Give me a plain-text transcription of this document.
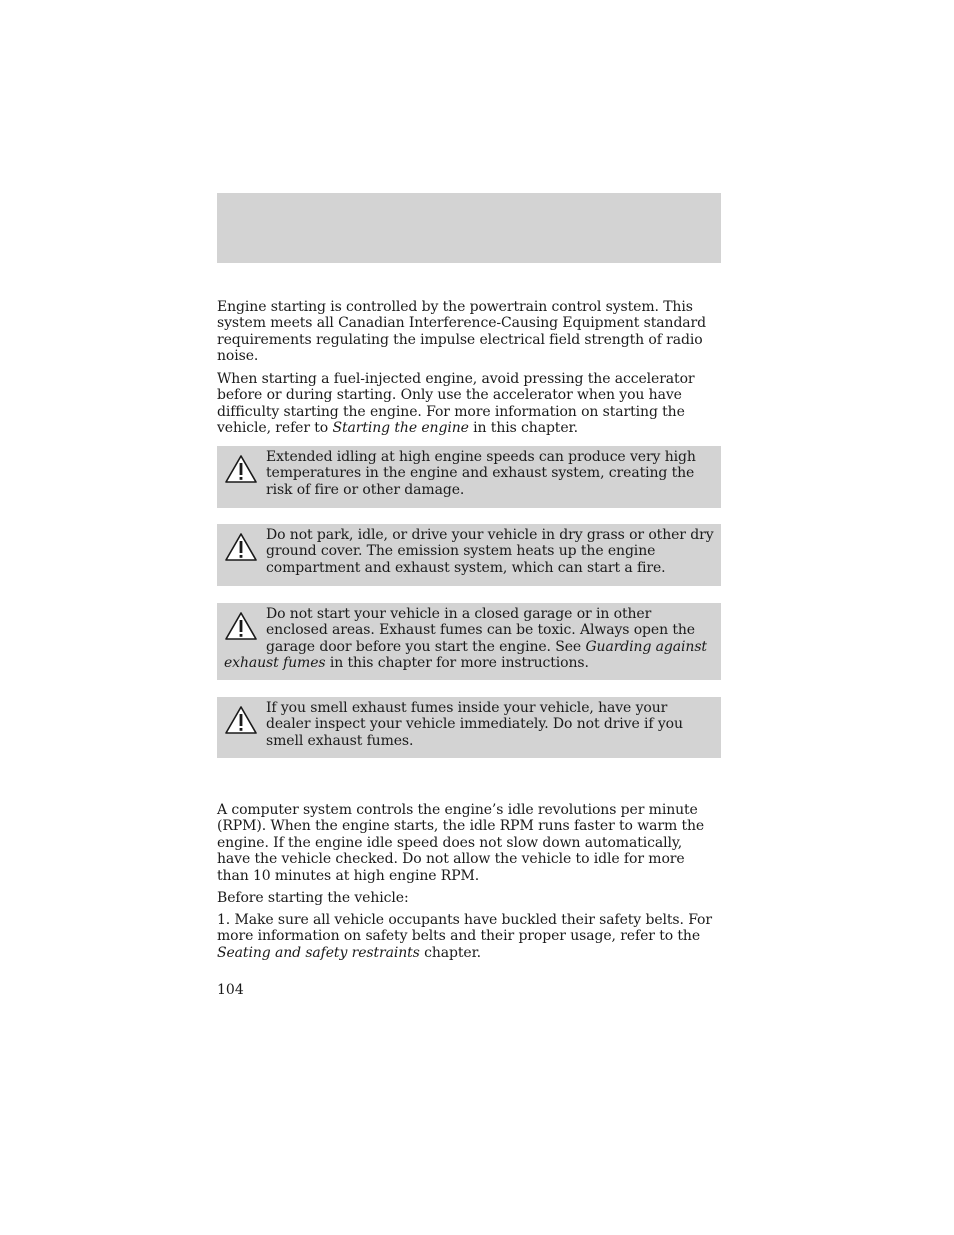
Engine starting is controlled by the powertrain control system. This system meets all Canadian Interference-Causing Equipment standard requirements regulating the impulse electrical field strength of radio noise.

When starting a fuel-injected engine, avoid pressing the accelerator before or during starting. Only use the accelerator when you have difficulty starting the engine. For more information on starting the vehicle, refer to Starting the engine in this chapter.

Extended idling at high engine speeds can produce very high temperatures in the engine and exhaust system, creating the risk of fire or other damage.
Do not park, idle, or drive your vehicle in dry grass or other dry ground cover. The emission system heats up the engine compartment and exhaust system, which can start a fire.
Do not start your vehicle in a closed garage or in other enclosed areas. Exhaust fumes can be toxic. Always open the garage door before you start the engine. See Guarding against exhaust fumes in this chapter for more instructions.
If you smell exhaust fumes inside your vehicle, have your dealer inspect your vehicle immediately. Do not drive if you smell exhaust fumes.

A computer system controls the engine’s idle revolutions per minute (RPM). When the engine starts, the idle RPM runs faster to warm the engine. If the engine idle speed does not slow down automatically, have the vehicle checked. Do not allow the vehicle to idle for more than 10 minutes at high engine RPM.

Before starting the vehicle:

1. Make sure all vehicle occupants have buckled their safety belts. For more information on safety belts and their proper usage, refer to the Seating and safety restraints chapter.

104
